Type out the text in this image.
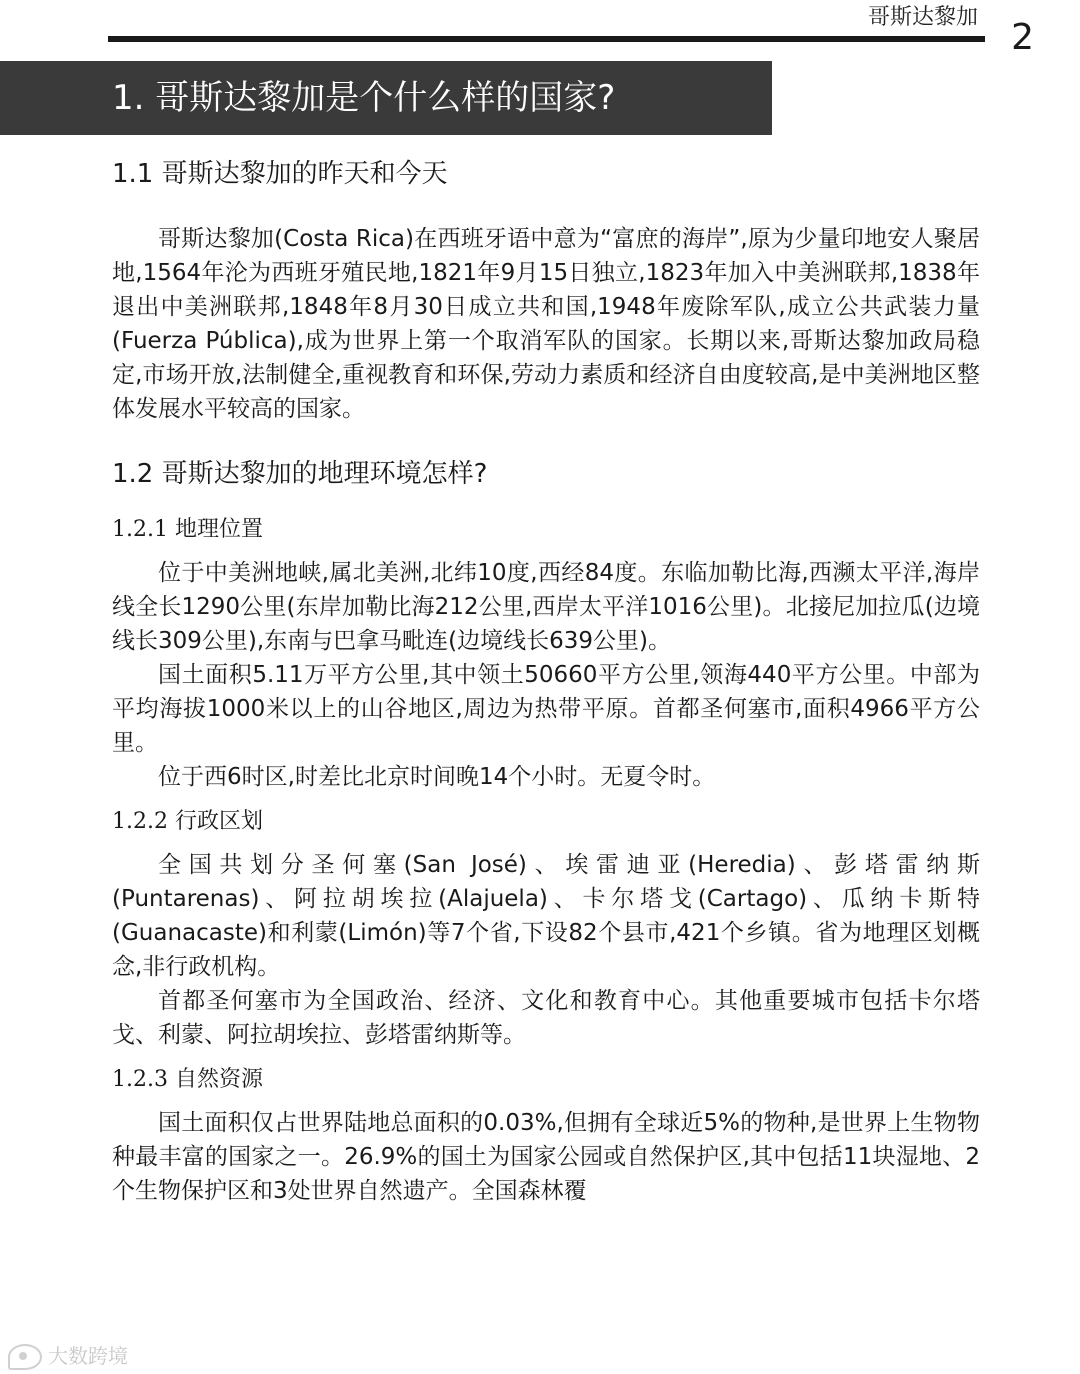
哥斯达黎加 2
1. 哥斯达黎加是个什么样的国家?
1.1 哥斯达黎加的昨天和今天

哥斯达黎加(Costa Rica)在西班牙语中意为“富庶的海岸”,原为少量印地安人聚居地,1564年沦为西班牙殖民地,1821年9月15日独立,1823年加入中美洲联邦,1838年退出中美洲联邦,1848年8月30日成立共和国,1948年废除军队,成立公共武装力量(Fuerza Pública),成为世界上第一个取消军队的国家。长期以来,哥斯达黎加政局稳定,市场开放,法制健全,重视教育和环保,劳动力素质和经济自由度较高,是中美洲地区整体发展水平较高的国家。

1.2 哥斯达黎加的地理环境怎样?
1.2.1 地理位置

位于中美洲地峡,属北美洲,北纬10度,西经84度。东临加勒比海,西濒太平洋,海岸线全长1290公里(东岸加勒比海212公里,西岸太平洋1016公里)。北接尼加拉瓜(边境线长309公里),东南与巴拿马毗连(边境线长639公里)。

国土面积5.11万平方公里,其中领土50660平方公里,领海440平方公里。中部为平均海拔1000米以上的山谷地区,周边为热带平原。首都圣何塞市,面积4966平方公里。

位于西6时区,时差比北京时间晚14个小时。无夏令时。

1.2.2 行政区划

全国共划分圣何塞(San José)、埃雷迪亚(Heredia)、彭塔雷纳斯(Puntarenas)、阿拉胡埃拉(Alajuela)、卡尔塔戈(Cartago)、瓜纳卡斯特(Guanacaste)和利蒙(Limón)等7个省,下设82个县市,421个乡镇。省为地理区划概念,非行政机构。

首都圣何塞市为全国政治、经济、文化和教育中心。其他重要城市包括卡尔塔戈、利蒙、阿拉胡埃拉、彭塔雷纳斯等。

1.2.3 自然资源

国土面积仅占世界陆地总面积的0.03%,但拥有全球近5%的物种,是世界上生物物种最丰富的国家之一。26.9%的国土为国家公园或自然保护区,其中包括11块湿地、2个生物保护区和3处世界自然遗产。全国森林覆

大数跨境
